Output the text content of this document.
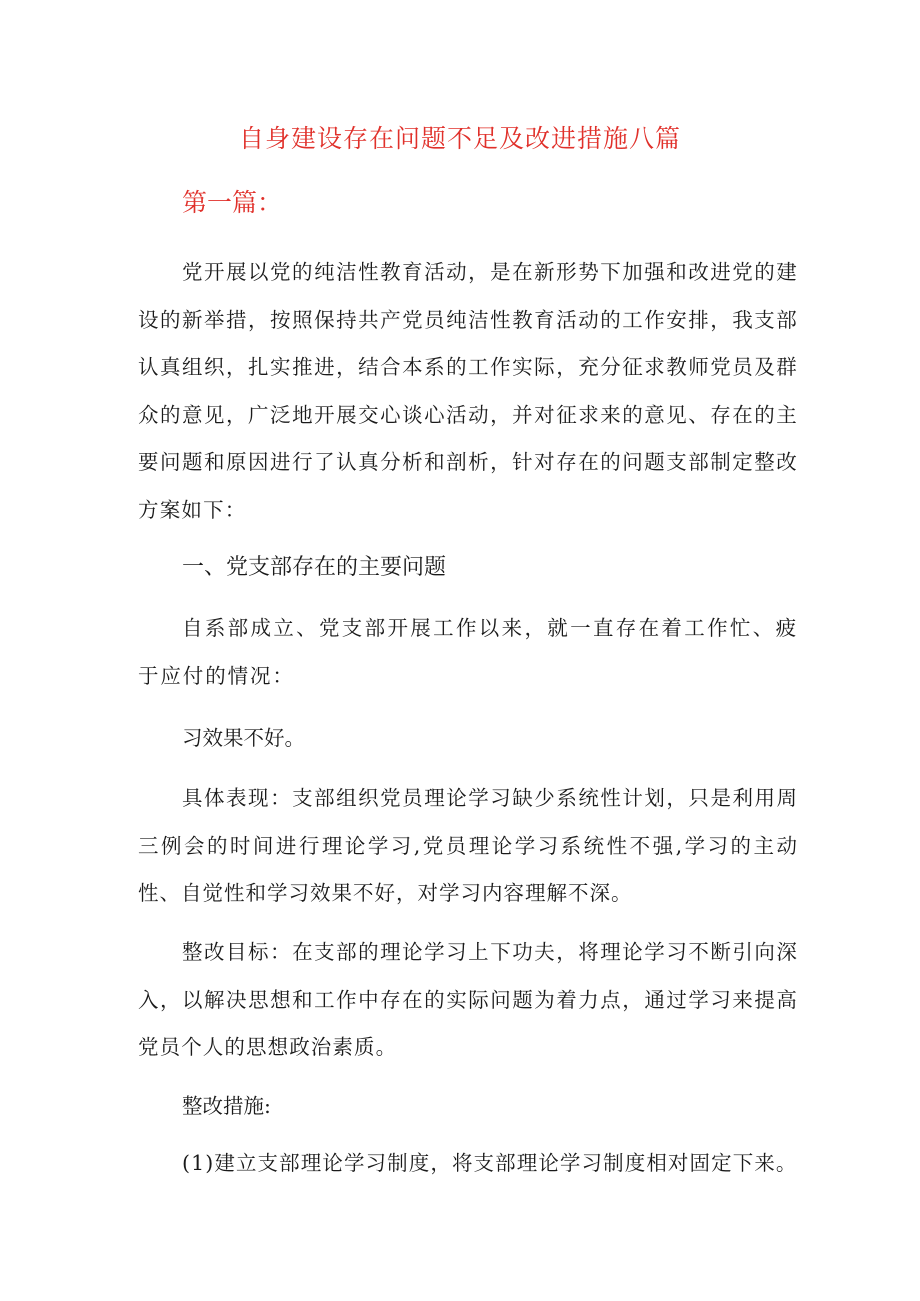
自身建设存在问题不足及改进措施八篇
第一篇：
党开展以党的纯洁性教育活动，是在新形势下加强和改进党的建设的新举措，按照保持共产党员纯洁性教育活动的工作安排，我支部认真组织，扎实推进，结合本系的工作实际，充分征求教师党员及群众的意见，广泛地开展交心谈心活动，并对征求来的意见、存在的主要问题和原因进行了认真分析和剖析，针对存在的问题支部制定整改方案如下：
一、党支部存在的主要问题
自系部成立、党支部开展工作以来，就一直存在着工作忙、疲于应付的情况：
习效果不好。
具体表现：支部组织党员理论学习缺少系统性计划，只是利用周三例会的时间进行理论学习,党员理论学习系统性不强,学习的主动性、自觉性和学习效果不好，对学习内容理解不深。
整改目标：在支部的理论学习上下功夫，将理论学习不断引向深入，以解决思想和工作中存在的实际问题为着力点，通过学习来提高党员个人的思想政治素质。
整改措施:
(1)建立支部理论学习制度，将支部理论学习制度相对固定下来。
